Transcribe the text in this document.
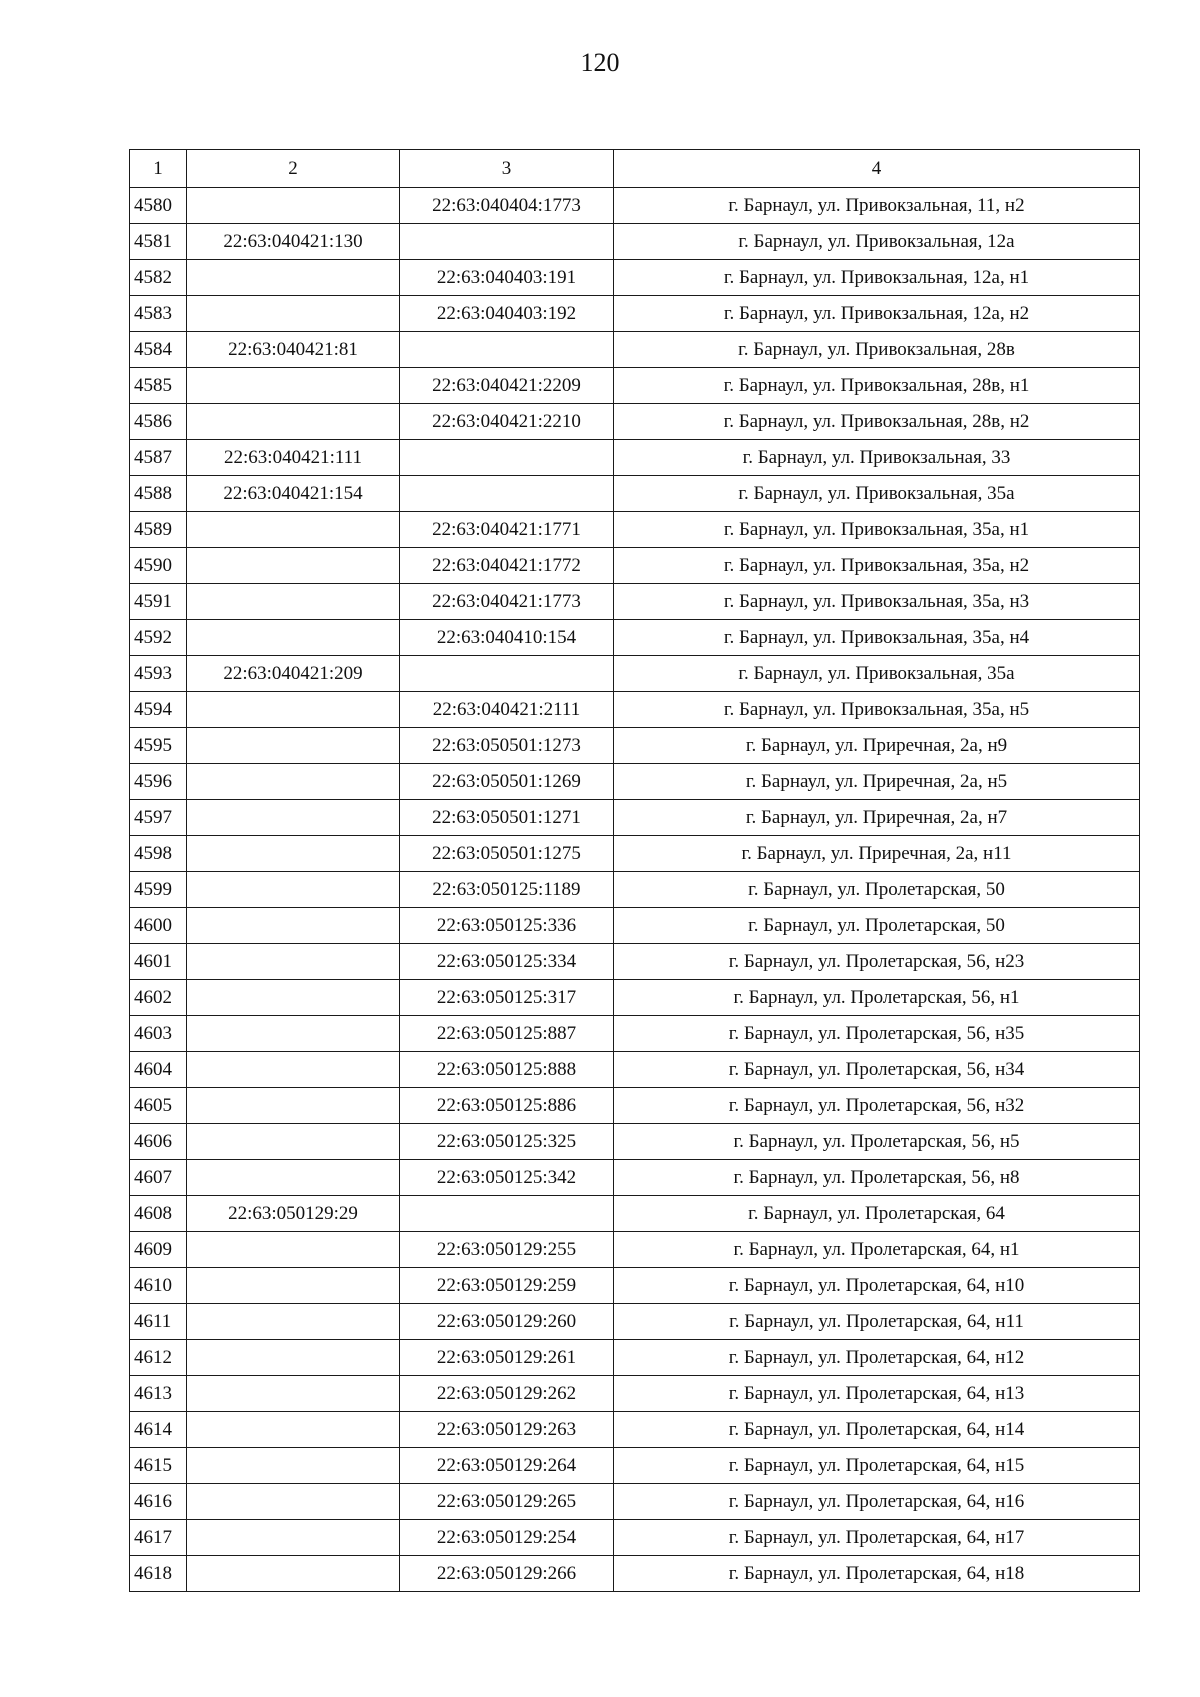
120
1	2	3	4
4580		22:63:040404:1773	г. Барнаул, ул. Привокзальная, 11, н2
4581	22:63:040421:130		г. Барнаул, ул. Привокзальная, 12а
4582		22:63:040403:191	г. Барнаул, ул. Привокзальная, 12а, н1
4583		22:63:040403:192	г. Барнаул, ул. Привокзальная, 12а, н2
4584	22:63:040421:81		г. Барнаул, ул. Привокзальная, 28в
4585		22:63:040421:2209	г. Барнаул, ул. Привокзальная, 28в, н1
4586		22:63:040421:2210	г. Барнаул, ул. Привокзальная, 28в, н2
4587	22:63:040421:111		г. Барнаул, ул. Привокзальная, 33
4588	22:63:040421:154		г. Барнаул, ул. Привокзальная, 35а
4589		22:63:040421:1771	г. Барнаул, ул. Привокзальная, 35а, н1
4590		22:63:040421:1772	г. Барнаул, ул. Привокзальная, 35а, н2
4591		22:63:040421:1773	г. Барнаул, ул. Привокзальная, 35а, н3
4592		22:63:040410:154	г. Барнаул, ул. Привокзальная, 35а, н4
4593	22:63:040421:209		г. Барнаул, ул. Привокзальная, 35а
4594		22:63:040421:2111	г. Барнаул, ул. Привокзальная, 35а, н5
4595		22:63:050501:1273	г. Барнаул, ул. Приречная, 2а, н9
4596		22:63:050501:1269	г. Барнаул, ул. Приречная, 2а, н5
4597		22:63:050501:1271	г. Барнаул, ул. Приречная, 2а, н7
4598		22:63:050501:1275	г. Барнаул, ул. Приречная, 2а, н11
4599		22:63:050125:1189	г. Барнаул, ул. Пролетарская, 50
4600		22:63:050125:336	г. Барнаул, ул. Пролетарская, 50
4601		22:63:050125:334	г. Барнаул, ул. Пролетарская, 56, н23
4602		22:63:050125:317	г. Барнаул, ул. Пролетарская, 56, н1
4603		22:63:050125:887	г. Барнаул, ул. Пролетарская, 56, н35
4604		22:63:050125:888	г. Барнаул, ул. Пролетарская, 56, н34
4605		22:63:050125:886	г. Барнаул, ул. Пролетарская, 56, н32
4606		22:63:050125:325	г. Барнаул, ул. Пролетарская, 56, н5
4607		22:63:050125:342	г. Барнаул, ул. Пролетарская, 56, н8
4608	22:63:050129:29		г. Барнаул, ул. Пролетарская, 64
4609		22:63:050129:255	г. Барнаул, ул. Пролетарская, 64, н1
4610		22:63:050129:259	г. Барнаул, ул. Пролетарская, 64, н10
4611		22:63:050129:260	г. Барнаул, ул. Пролетарская, 64, н11
4612		22:63:050129:261	г. Барнаул, ул. Пролетарская, 64, н12
4613		22:63:050129:262	г. Барнаул, ул. Пролетарская, 64, н13
4614		22:63:050129:263	г. Барнаул, ул. Пролетарская, 64, н14
4615		22:63:050129:264	г. Барнаул, ул. Пролетарская, 64, н15
4616		22:63:050129:265	г. Барнаул, ул. Пролетарская, 64, н16
4617		22:63:050129:254	г. Барнаул, ул. Пролетарская, 64, н17
4618		22:63:050129:266	г. Барнаул, ул. Пролетарская, 64, н18
